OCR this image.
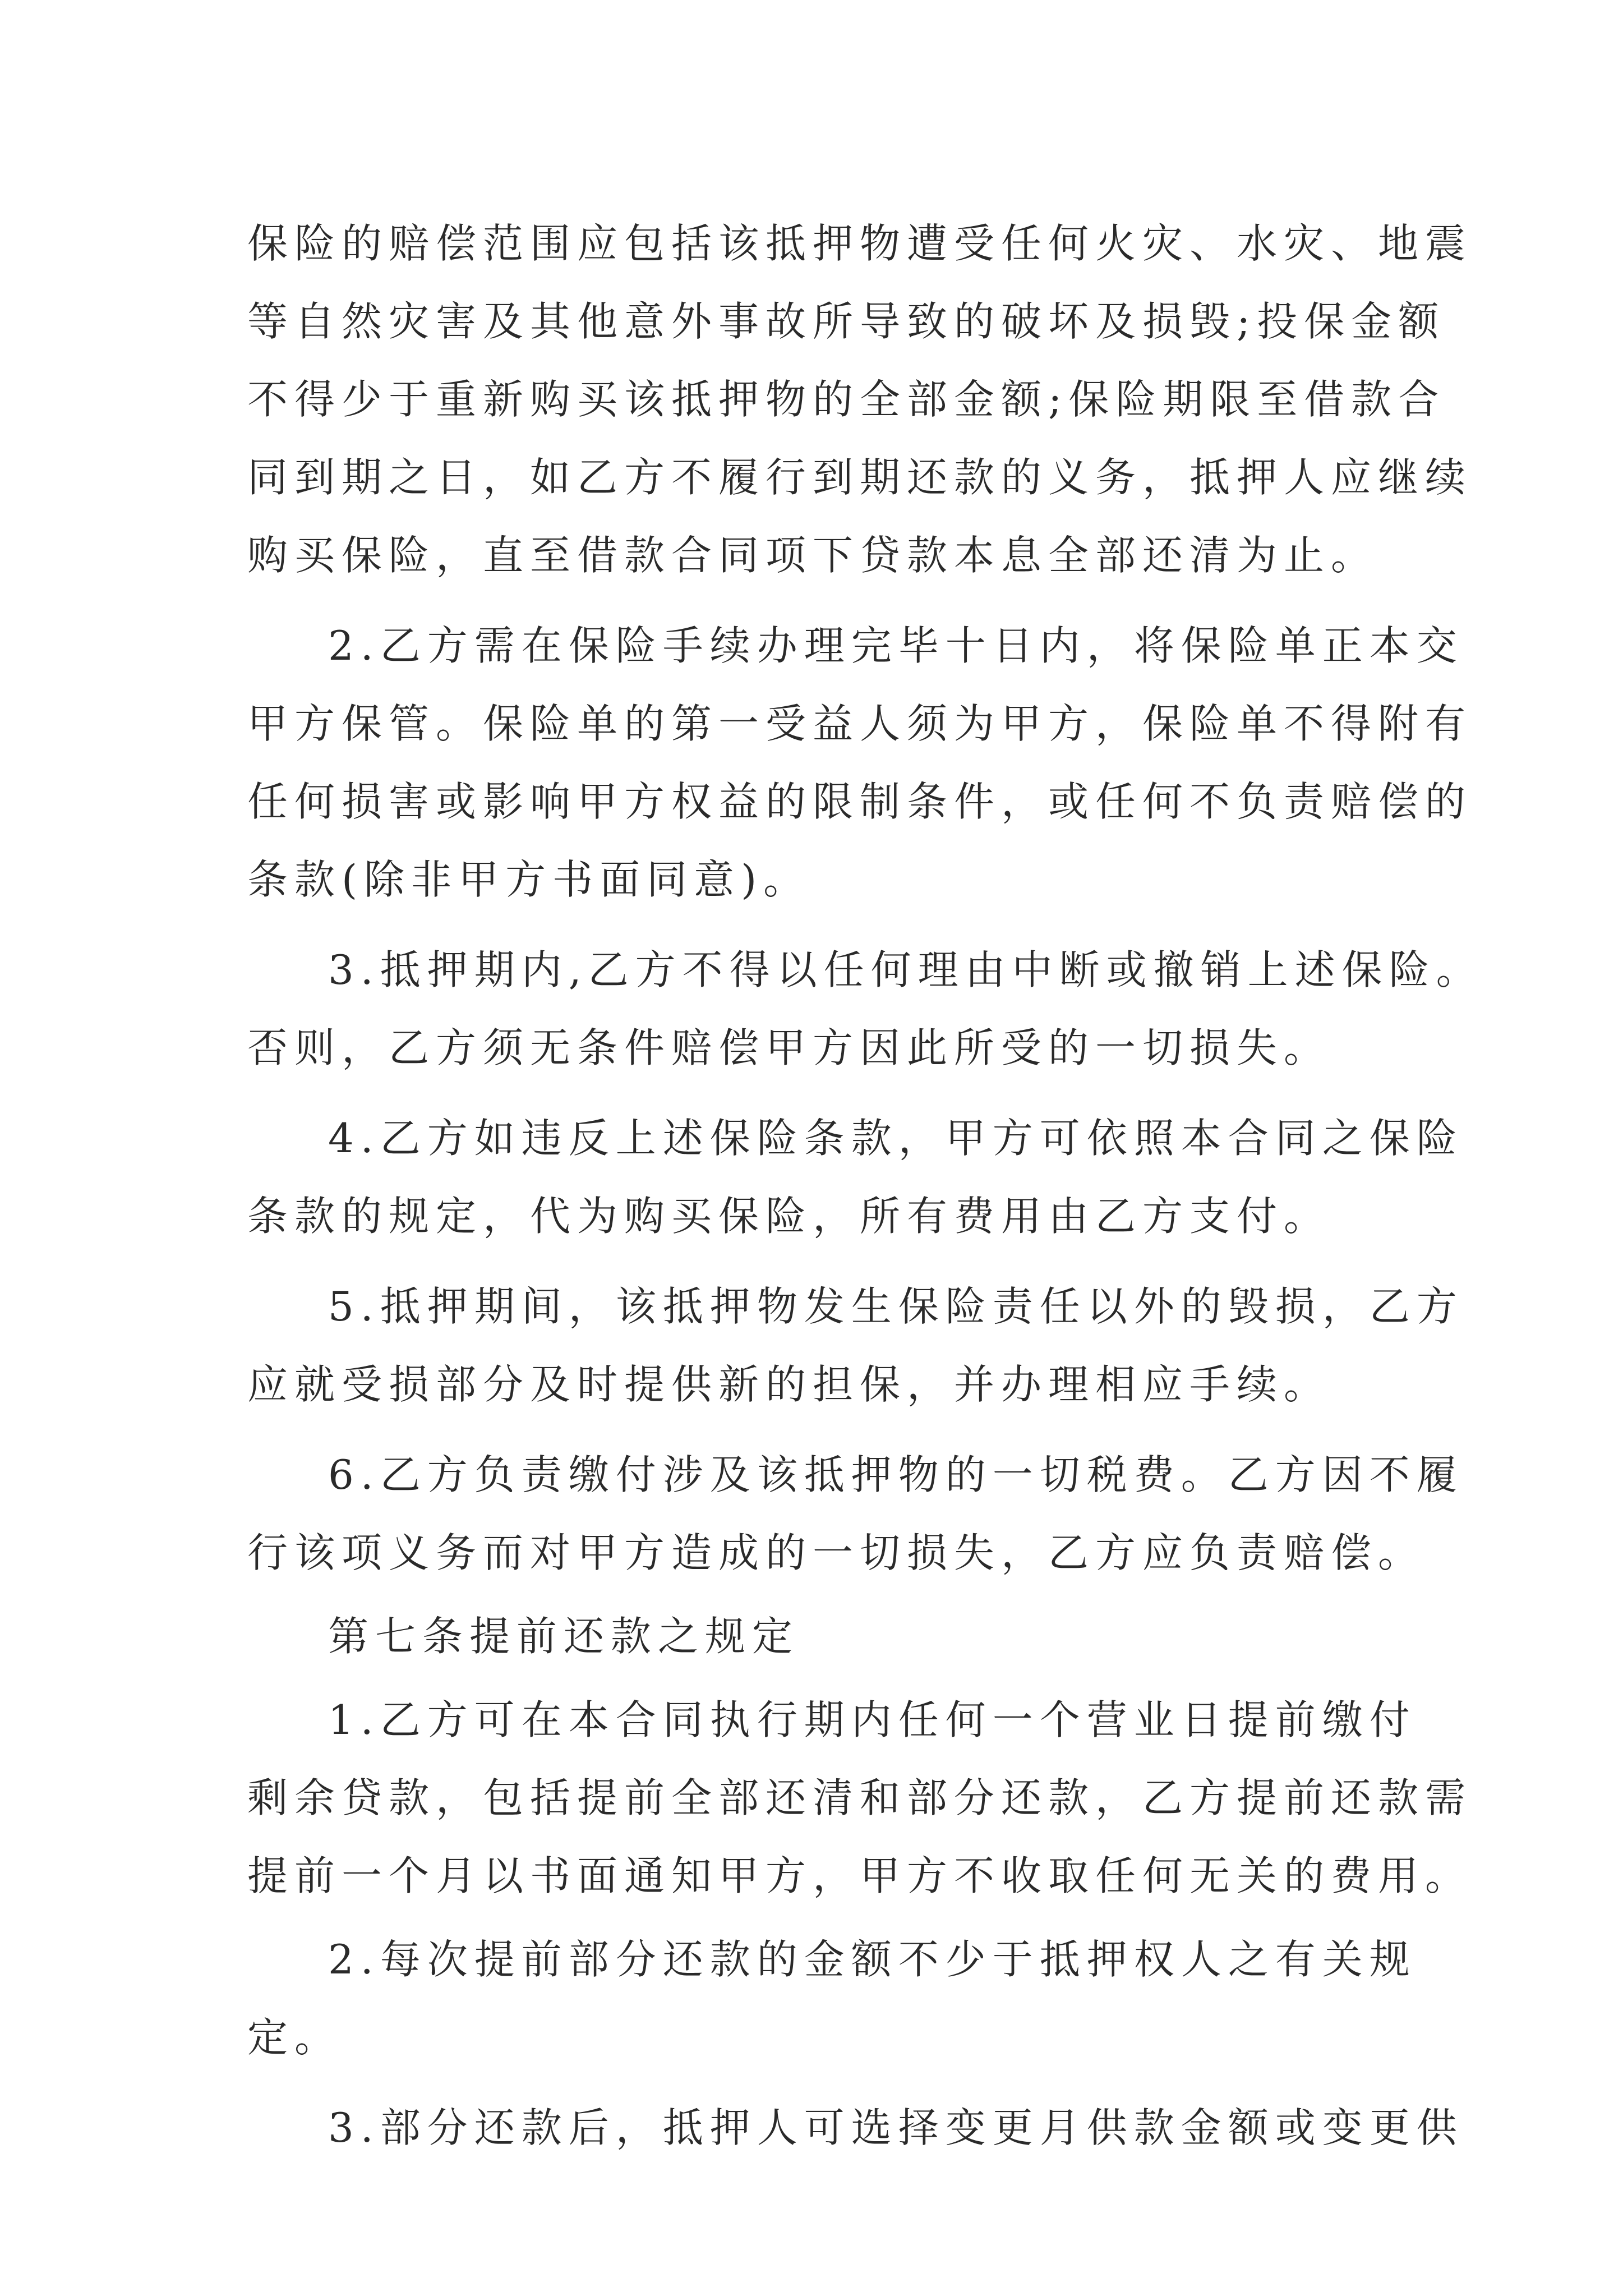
保险的赔偿范围应包括该抵押物遭受任何火灾、水灾、地震
等自然灾害及其他意外事故所导致的破坏及损毁;投保金额
不得少于重新购买该抵押物的全部金额;保险期限至借款合
同到期之日，如乙方不履行到期还款的义务，抵押人应继续
购买保险，直至借款合同项下贷款本息全部还清为止。
2.乙方需在保险手续办理完毕十日内，将保险单正本交
甲方保管。保险单的第一受益人须为甲方，保险单不得附有
任何损害或影响甲方权益的限制条件，或任何不负责赔偿的
条款(除非甲方书面同意)。
3.抵押期内,乙方不得以任何理由中断或撤销上述保险。
否则，乙方须无条件赔偿甲方因此所受的一切损失。
4.乙方如违反上述保险条款，甲方可依照本合同之保险
条款的规定，代为购买保险，所有费用由乙方支付。
5.抵押期间，该抵押物发生保险责任以外的毁损，乙方
应就受损部分及时提供新的担保，并办理相应手续。
6.乙方负责缴付涉及该抵押物的一切税费。乙方因不履
行该项义务而对甲方造成的一切损失，乙方应负责赔偿。
第七条提前还款之规定
1.乙方可在本合同执行期内任何一个营业日提前缴付
剩余贷款，包括提前全部还清和部分还款，乙方提前还款需
提前一个月以书面通知甲方，甲方不收取任何无关的费用。
2.每次提前部分还款的金额不少于抵押权人之有关规
定。
3.部分还款后，抵押人可选择变更月供款金额或变更供
